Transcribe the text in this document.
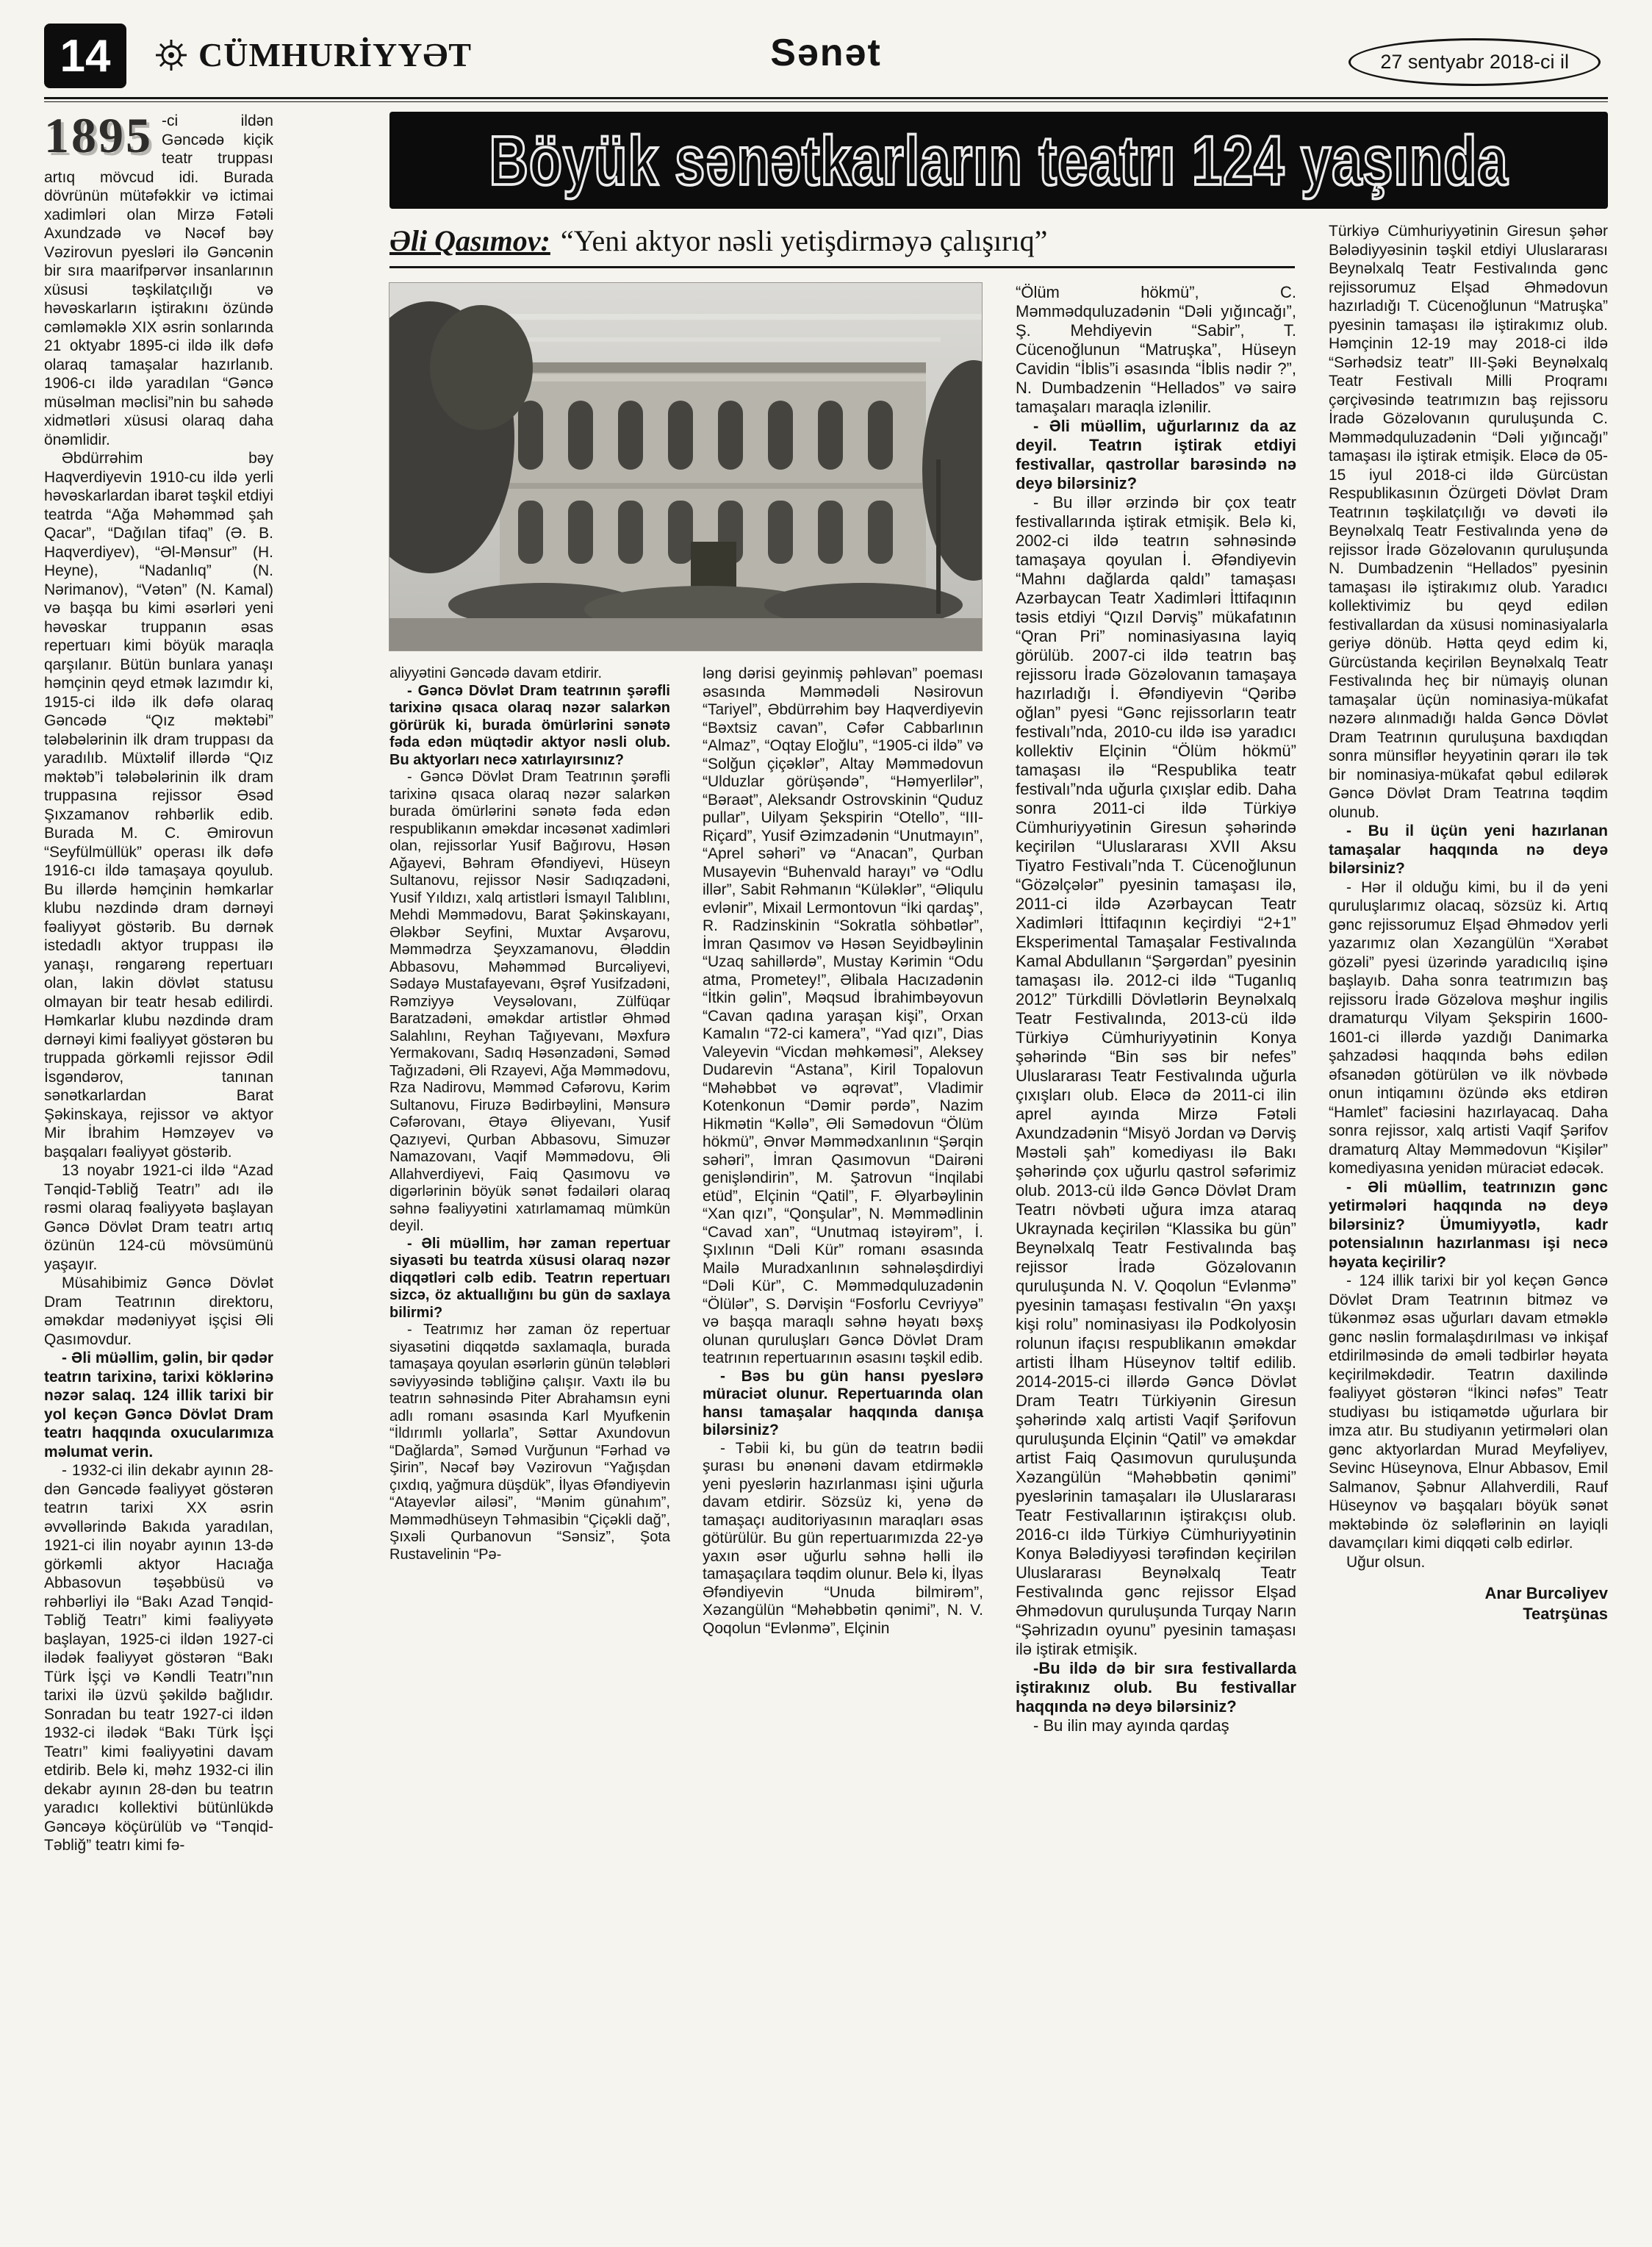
14	CÜMHURİYYƏT	Sənət	27 sentyabr 2018-ci il

1895 -ci ildən Gəncədə kiçik teatr truppası artıq mövcud idi. Burada dövrünün mütəfəkkir və ictimai xadimləri olan Mirzə Fətəli Axundzadə və Nəcəf bəy Vəzirovun pyesləri ilə Gəncənin bir sıra maarifpərvər insanlarının xüsusi təşkilatçılığı və həvəskarların iştirakını özündə cəmləməklə XIX əsrin sonlarında 21 oktyabr 1895-ci ildə ilk dəfə olaraq tamaşalar hazırlanıb. 1906-cı ildə yaradılan “Gəncə müsəlman məclisi”nin bu sahədə xidmətləri xüsusi olaraq daha önəmlidir.

Əbdürrəhim bəy Haqverdiyevin 1910-cu ildə yerli həvəskarlardan ibarət təşkil etdiyi teatrda “Ağa Məhəmməd şah Qacar”, “Dağılan tifaq” (Ə. B. Haqverdiyev), “Əl-Mənsur” (H. Heyne), “Nadanlıq” (N. Nərimanov), “Vətən” (N. Kamal) və başqa bu kimi əsərləri yeni həvəskar truppanın əsas repertuarı kimi böyük maraqla qarşılanır. Bütün bunlara yanaşı həmçinin qeyd etmək lazımdır ki, 1915-ci ildə ilk dəfə olaraq Gəncədə “Qız məktəbi” tələbələrinin ilk dram truppası da yaradılıb. Müxtəlif illərdə “Qız məktəb”i tələbələrinin ilk dram truppasına rejissor Əsəd Şıxzamanov rəhbərlik edib. Burada M. C. Əmirovun “Seyfülmüllük” operası ilk dəfə 1916-cı ildə tamaşaya qoyulub. Bu illərdə həmçinin həmkarlar klubu nəzdində dram dərnəyi fəaliyyət göstərib. Bu dərnək istedadlı aktyor truppası ilə yanaşı, rəngarəng repertuarı olan, lakin dövlət statusu olmayan bir teatr hesab edilirdi. Həmkarlar klubu nəzdində dram dərnəyi kimi fəaliyyət göstərən bu truppada görkəmli rejissor Ədil İsgəndərov, tanınan sənətkarlardan Barat Şəkinskaya, rejissor və aktyor Mir İbrahim Həmzəyev və başqaları fəaliyyət göstərib.

13 noyabr 1921-ci ildə “Azad Tənqid-Təbliğ Teatrı” adı ilə rəsmi olaraq fəaliyyətə başlayan Gəncə Dövlət Dram teatrı artıq özünün 124-cü mövsümünü yaşayır.

Müsahibimiz Gəncə Dövlət Dram Teatrının direktoru, əməkdar mədəniyyət işçisi Əli Qasımovdur.

- Əli müəllim, gəlin, bir qədər teatrın tarixinə, tarixi köklərinə nəzər salaq. 124 illik tarixi bir yol keçən Gəncə Dövlət Dram teatrı haqqında oxucularımıza məlumat verin.

- 1932-ci ilin dekabr ayının 28-dən Gəncədə fəaliyyət göstərən teatrın tarixi XX əsrin əvvəllərində Bakıda yaradılan, 1921-ci ilin noyabr ayının 13-də görkəmli aktyor Hacıağa Abbasovun təşəbbüsü və rəhbərliyi ilə “Bakı Azad Tənqid-Təbliğ Teatrı” kimi fəaliyyətə başlayan, 1925-ci ildən 1927-ci ilədək fəaliyyət göstərən “Bakı Türk İşçi və Kəndli Teatrı”nın tarixi ilə üzvü şəkildə bağlıdır. Sonradan bu teatr 1927-ci ildən 1932-ci ilədək “Bakı Türk İşçi Teatrı” kimi fəaliyyətini davam etdirib. Belə ki, məhz 1932-ci ilin dekabr ayının 28-dən bu teatrın yaradıcı kollektivi bütünlükdə Gəncəyə köçürülüb və “Tənqid-Təbliğ” teatrı kimi fə-

Böyük sənətkarların teatrı 124 yaşında
Əli Qasımov: “Yeni aktyor nəsli yetişdirməyə çalışırıq”

aliyyətini Gəncədə davam etdirir.

- Gəncə Dövlət Dram teatrının şərəfli tarixinə qısaca olaraq nəzər salarkən görürük ki, burada ömürlərini sənətə fəda edən müqtədir aktyor nəsli olub. Bu aktyorları necə xatırlayırsınız?

- Gəncə Dövlət Dram Teatrının şərəfli tarixinə qısaca olaraq nəzər salarkən burada ömürlərini sənətə fəda edən respublikanın əməkdar incəsənət xadimləri olan, rejissorlar Yusif Bağırovu, Həsən Ağayevi, Bəhram Əfəndiyevi, Hüseyn Sultanovu, rejissor Nəsir Sadıqzadəni, Yusif Yıldızı, xalq artistləri İsmayıl Talıblını, Mehdi Məmmədovu, Barat Şəkinskayanı, Ələkbər Seyfini, Muxtar Avşarovu, Məmmədrza Şeyxzamanovu, Ələddin Abbasovu, Məhəmməd Burcəliyevi, Sədayə Mustafayevanı, Əşrəf Yusifzadəni, Rəmziyyə Veysəlovanı, Zülfüqar Baratzadəni, əməkdar artistlər Əhməd Salahlını, Reyhan Tağıyevanı, Məxfurə Yermakovanı, Sadıq Həsənzadəni, Səməd Tağızadəni, Əli Rzayevi, Ağa Məmmədovu, Rza Nadirovu, Məmməd Cəfərovu, Kərim Sultanovu, Firuzə Bədirbəylini, Mənsurə Cəfərovanı, Ətayə Əliyevanı, Yusif Qazıyevi, Qurban Abbasovu, Simuzər Namazovanı, Vaqif Məmmədovu, Əli Allahverdiyevi, Faiq Qasımovu və digərlərinin böyük sənət fədailəri olaraq səhnə fəaliyyətini xatırlamamaq mümkün deyil.

- Əli müəllim, hər zaman repertuar siyasəti bu teatrda xüsusi olaraq nəzər diqqətləri cəlb edib. Teatrın repertuarı sizcə, öz aktuallığını bu gün də saxlaya bilirmi?

- Teatrımız hər zaman öz repertuar siyasətini diqqətdə saxlamaqla, burada tamaşaya qoyulan əsərlərin günün tələbləri səviyyəsində təbliğinə çalışır. Vaxtı ilə bu teatrın səhnəsində Piter Abrahamsın eyni adlı romanı əsasında Karl Myufkenin “İldırımlı yollarla”, Səttar Axundovun “Dağlarda”, Səməd Vurğunun “Fərhad və Şirin”, Nəcəf bəy Vəzirovun “Yağışdan çıxdıq, yağmura düşdük”, İlyas Əfəndiyevin “Atayevlər ailəsi”, “Mənim günahım”, Məmmədhüseyn Təhmasibin “Çiçəkli dağ”, Şıxəli Qurbanovun “Sənsiz”, Şota Rustavelinin “Pə-

ləng dərisi geyinmiş pəhləvan” poeması əsasında Məmmədəli Nəsirovun “Tariyel”, Əbdürrəhim bəy Haqverdiyevin “Bəxtsiz cavan”, Cəfər Cabbarlının “Almaz”, “Oqtay Eloğlu”, “1905-ci ildə” və “Solğun çiçəklər”, Altay Məmmədovun “Ulduzlar görüşəndə”, “Həmyerlilər”, “Bəraət”, Aleksandr Ostrovskinin “Quduz pullar”, Uilyam Şekspirin “Otello”, “III-Riçard”, Yusif Əzimzadənin “Unutmayın”, “Aprel səhəri” və “Anacan”, Qurban Musayevin “Buhenvald harayı” və “Odlu illər”, Sabit Rəhmanın “Küləklər”, “Əliqulu evlənir”, Mixail Lermontovun “İki qardaş”, R. Radzinskinin “Sokratla söhbətlər”, İmran Qasımov və Həsən Seyidbəylinin “Uzaq sahillərdə”, Mustay Kərimin “Odu atma, Prometey!”, Əlibala Hacızadənin “İtkin gəlin”, Məqsud İbrahimbəyovun “Cavan qadına yaraşan kişi”, Orxan Kamalın “72-ci kamera”, “Yad qızı”, Dias Valeyevin “Vicdan məhkəməsi”, Aleksey Dudarevin “Astana”, Kiril Topalovun “Məhəbbət və əqrəvat”, Vladimir Kotenkonun “Dəmir pərdə”, Nazim Hikmətin “Kəllə”, Əli Səmədovun “Ölüm hökmü”, Ənvər Məmmədxanlının “Şərqin səhəri”, İmran Qasımovun “Dairəni genişləndirin”, M. Şatrovun “İnqilabi etüd”, Elçinin “Qatil”, F. Əlyarbəylinin “Xan qızı”, “Qonşular”, N. Məmmədlinin “Cavad xan”, “Unutmaq istəyirəm”, İ. Şıxlının “Dəli Kür” romanı əsasında Mailə Muradxanlının səhnələşdirdiyi “Dəli Kür”, C. Məmmədquluzadənin “Ölülər”, S. Dərvişin “Fosforlu Cevriyyə” və başqa maraqlı səhnə həyatı bəxş olunan quruluşları Gəncə Dövlət Dram teatrının repertuarının əsasını təşkil edib.

- Bəs bu gün hansı pyeslərə müraciət olunur. Repertuarında olan hansı tamaşalar haqqında danışa bilərsiniz?

- Təbii ki, bu gün də teatrın bədii şurası bu ənənəni davam etdirməklə yeni pyeslərin hazırlanması işini uğurla davam etdirir. Sözsüz ki, yenə də tamaşaçı auditoriyasının maraqları əsas götürülür. Bu gün repertuarımızda 22-yə yaxın əsər uğurlu səhnə həlli ilə tamaşaçılara təqdim olunur. Belə ki, İlyas Əfəndiyevin “Unuda bilmirəm”, Xəzangülün “Məhəbbətin qənimi”, N. V. Qoqolun “Evlənmə”, Elçinin

“Ölüm hökmü”, C. Məmmədquluzadənin “Dəli yığıncağı”, Ş. Mehdiyevin “Sabir”, T. Cücenoğlunun “Matruşka”, Hüseyn Cavidin “İblis”i əsasında “İblis nədir ?”, N. Dumbadzenin “Hellados” və sairə tamaşaları maraqla izlənilir.

- Əli müəllim, uğurlarınız da az deyil. Teatrın iştirak etdiyi festivallar, qastrollar barəsində nə deyə bilərsiniz?

- Bu illər ərzində bir çox teatr festivallarında iştirak etmişik. Belə ki, 2002-ci ildə teatrın səhnəsində tamaşaya qoyulan İ. Əfəndiyevin “Mahnı dağlarda qaldı” tamaşası Azərbaycan Teatr Xadimləri İttifaqının təsis etdiyi “Qızıl Dərviş” mükafatının “Qran Pri” nominasiyasına layiq görülüb. 2007-ci ildə teatrın baş rejissoru İradə Gözəlovanın tamaşaya hazırladığı İ. Əfəndiyevin “Qəribə oğlan” pyesi “Gənc rejissorların teatr festivalı”nda, 2010-cu ildə isə yaradıcı kollektiv Elçinin “Ölüm hökmü” tamaşası ilə “Respublika teatr festivalı”nda uğurla çıxışlar edib. Daha sonra 2011-ci ildə Türkiyə Cümhuriyyətinin Giresun şəhərində keçirilən “Uluslararası XVII Aksu Tiyatro Festivalı”nda T. Cücenoğlunun “Gözəlçələr” pyesinin tamaşası ilə, 2011-ci ildə Azərbaycan Teatr Xadimləri İttifaqının keçirdiyi “2+1” Eksperimental Tamaşalar Festivalında Kamal Abdullanın “Şərgərdan” pyesinin tamaşası ilə. 2012-ci ildə “Tuganlıq 2012” Türkdilli Dövlətlərin Beynəlxalq Teatr Festivalında, 2013-cü ildə Türkiyə Cümhuriyyətinin Konya şəhərində “Bin səs bir nefes” Uluslararası Teatr Festivalında uğurla çıxışları olub. Eləcə də 2011-ci ilin aprel ayında Mirzə Fətəli Axundzadənin “Misyö Jordan və Dərviş Məstəli şah” komediyası ilə Bakı şəhərində çox uğurlu qastrol səfərimiz olub. 2013-cü ildə Gəncə Dövlət Dram Teatrı növbəti uğura imza ataraq Ukraynada keçirilən “Klassika bu gün” Beynəlxalq Teatr Festivalında baş rejissor İradə Gözəlovanın quruluşunda N. V. Qoqolun “Evlənmə” pyesinin tamaşası festivalın “Ən yaxşı kişi rolu” nominasiyası ilə Podkolyosin rolunun ifaçısı respublikanın əməkdar artisti İlham Hüseynov təltif edilib. 2014-2015-ci illərdə Gəncə Dövlət Dram Teatrı Türkiyənin Giresun şəhərində xalq artisti Vaqif Şərifovun quruluşunda Elçinin “Qatil” və əməkdar artist Faiq Qasımovun quruluşunda Xəzangülün “Məhəbbətin qənimi” pyeslərinin tamaşaları ilə Uluslararası Teatr Festivallarının iştirakçısı olub. 2016-cı ildə Türkiyə Cümhuriyyətinin Konya Bələdiyyəsi tərəfindən keçirilən Uluslararası Beynəlxalq Teatr Festivalında gənc rejissor Elşad Əhmədovun quruluşunda Turqay Narın “Şəhrizadın oyunu” pyesinin tamaşası ilə iştirak etmişik.

-Bu ildə də bir sıra festivallarda iştirakınız olub. Bu festivallar haqqında nə deyə bilərsiniz?

- Bu ilin may ayında qardaş

Türkiyə Cümhuriyyətinin Giresun şəhər Bələdiyyəsinin təşkil etdiyi Uluslararası Beynəlxalq Teatr Festivalında gənc rejissorumuz Elşad Əhmədovun hazırladığı T. Cücenoğlunun “Matruşka” pyesinin tamaşası ilə iştirakımız olub. Həmçinin 12-19 may 2018-ci ildə “Sərhədsiz teatr” III-Şəki Beynəlxalq Teatr Festivalı Milli Proqramı çərçivəsində teatrımızın baş rejissoru İradə Gözəlovanın quruluşunda C. Məmmədquluzadənin “Dəli yığıncağı” tamaşası ilə iştirak etmişik. Eləcə də 05-15 iyul 2018-ci ildə Gürcüstan Respublikasının Özürgeti Dövlət Dram Teatrının təşkilatçılığı və dəvəti ilə Beynəlxalq Teatr Festivalında yenə də rejissor İradə Gözəlovanın quruluşunda N. Dumbadzenin “Hellados” pyesinin tamaşası ilə iştirakımız olub. Yaradıcı kollektivimiz bu qeyd edilən festivallardan da xüsusi nominasiyalarla geriyə dönüb. Hətta qeyd edim ki, Gürcüstanda keçirilən Beynəlxalq Teatr Festivalında heç bir nümayiş olunan tamaşalar üçün nominasiya-mükafat nəzərə alınmadığı halda Gəncə Dövlət Dram Teatrının quruluşuna baxdıqdan sonra münsiflər heyyətinin qərarı ilə tək bir nominasiya-mükafat qəbul edilərək Gəncə Dövlət Dram Teatrına təqdim olunub.

- Bu il üçün yeni hazırlanan tamaşalar haqqında nə deyə bilərsiniz?

- Hər il olduğu kimi, bu il də yeni quruluşlarımız olacaq, sözsüz ki. Artıq gənc rejissorumuz Elşad Əhmədov yerli yazarımız olan Xəzangülün “Xərabət gözəli” pyesi üzərində yaradıcılıq işinə başlayıb. Daha sonra teatrımızın baş rejissoru İradə Gözəlova məşhur ingilis dramaturqu Vilyam Şekspirin 1600-1601-ci illərdə yazdığı Danimarka şahzadəsi haqqında bəhs edilən əfsanədən götürülən və ilk növbədə onun intiqamını özündə əks etdirən “Hamlet” faciəsini hazırlayacaq. Daha sonra rejissor, xalq artisti Vaqif Şərifov dramaturq Altay Məmmədovun “Kişilər” komediyasına yenidən müraciət edəcək.

- Əli müəllim, teatrınızın gənc yetirmələri haqqında nə deyə bilərsiniz? Ümumiyyətlə, kadr potensialının hazırlanması işi necə həyata keçirilir?

- 124 illik tarixi bir yol keçən Gəncə Dövlət Dram Teatrının bitməz və tükənməz əsas uğurları davam etməklə gənc nəslin formalaşdırılması və inkişaf etdirilməsində də əməli tədbirlər həyata keçirilməkdədir. Teatrın daxilində fəaliyyət göstərən “İkinci nəfəs” Teatr studiyası bu istiqamətdə uğurlara bir imza atır. Bu studiyanın yetirmələri olan gənc aktyorlardan Murad Meyfəliyev, Sevinc Hüseynova, Elnur Abbasov, Emil Salmanov, Şəbnur Allahverdili, Rauf Hüseynov və başqaları böyük sənət məktəbində öz sələflərinin ən layiqli davamçıları kimi diqqəti cəlb edirlər.

Uğur olsun.

Anar Burcəliyev
Teatrşünas
